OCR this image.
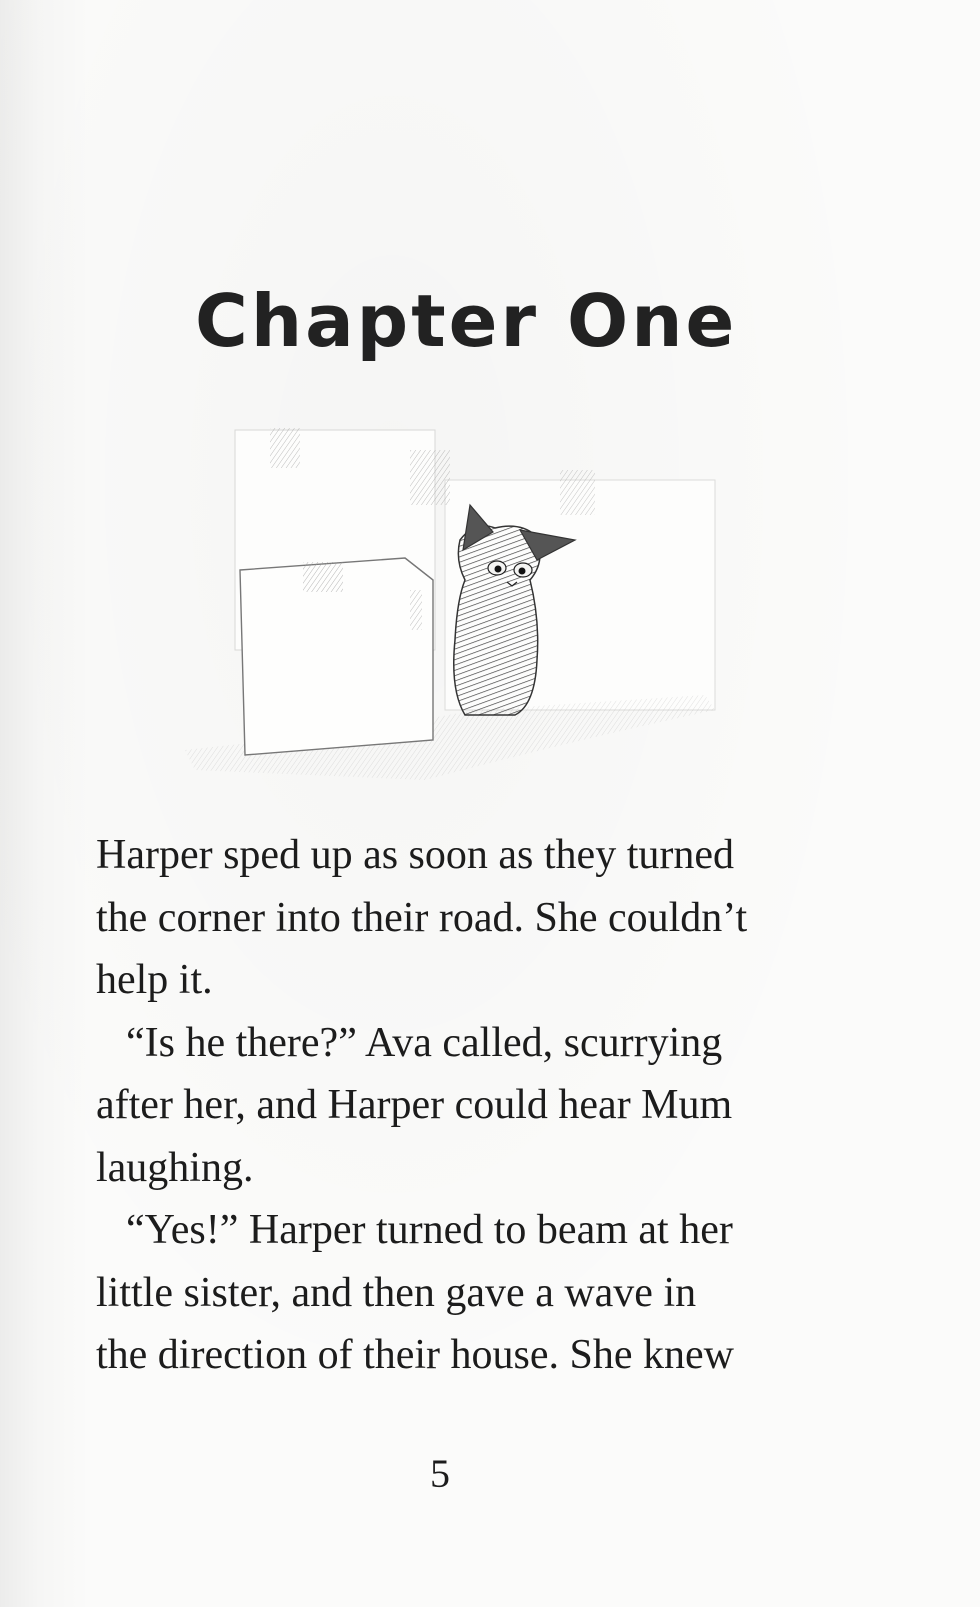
Chapter One

Harper sped up as soon as they turned
the corner into their road. She couldn’t
help it.

“Is he there?” Ava called, scurrying
after her, and Harper could hear Mum
laughing.

“Yes!” Harper turned to beam at her
little sister, and then gave a wave in
the direction of their house. She knew

5
